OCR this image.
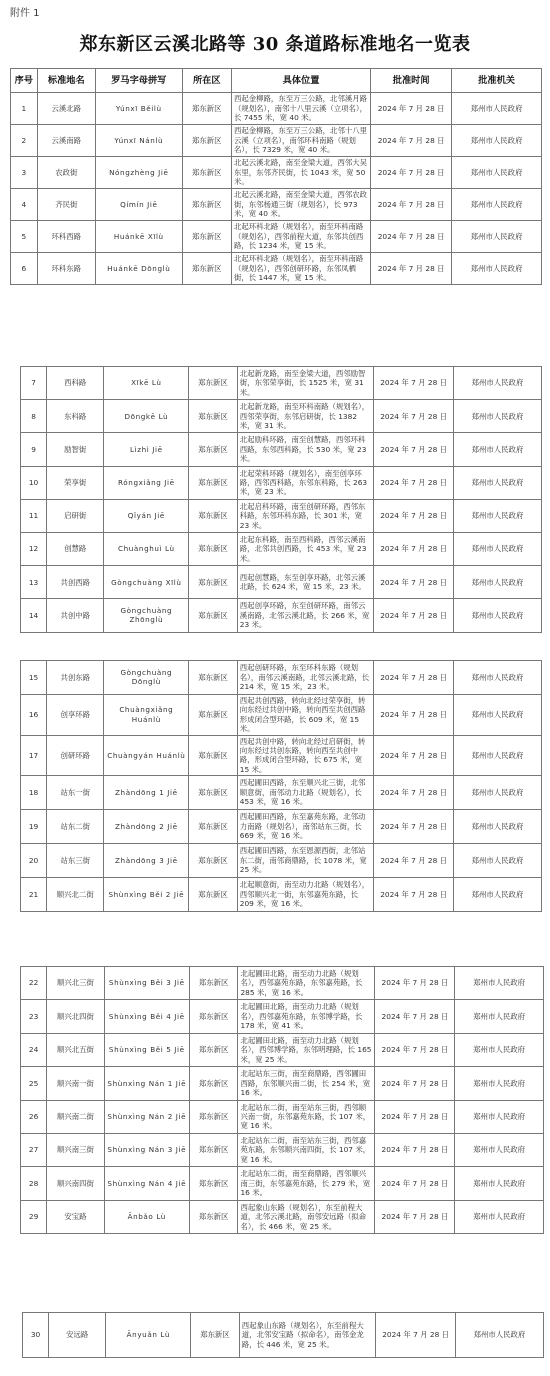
附件 1
郑东新区云溪北路等 30 条道路标准地名一览表
序号	标准地名	罗马字母拼写	所在区	具体位置	批准时间	批准机关
1	云溪北路	Yúnxī Běilù	郑东新区	西起金柳路，东至万三公路，北邻溪月路（规划名），南邻十八里云溪（立项名），长 7455 米，宽 40 米。	2024 年 7 月 28 日	郑州市人民政府
2	云溪南路	Yúnxī Nánlù	郑东新区	西起金柳路，东至万三公路，北邻十八里云溪（立项名），南邻环科南路（规划名），长 7329 米，宽 40 米。	2024 年 7 月 28 日	郑州市人民政府
3	农政街	Nóngzhèng Jiē	郑东新区	北起云溪北路，南至金梁大道，西邻大吴东里，东邻齐民街，长 1043 米，宽 50 米。	2024 年 7 月 28 日	郑州市人民政府
4	齐民街	Qímín Jiē	郑东新区	北起云溪北路，南至金梁大道，西邻农政街，东邻杨通三街（规划名），长 973 米，宽 40 米。	2024 年 7 月 28 日	郑州市人民政府
5	环科西路	Huánkē Xīlù	郑东新区	北起环科北路（规划名），南至环科南路（规划名），西邻前程大道，东邻共创西路，长 1234 米，宽 15 米。	2024 年 7 月 28 日	郑州市人民政府
6	环科东路	Huánkē Dōnglù	郑东新区	北起环科北路（规划名），南至环科南路（规划名），西邻创研环路，东邻凤栖街，长 1447 米，宽 15 米。	2024 年 7 月 28 日	郑州市人民政府
7	西科路	Xīkē Lù	郑东新区	北起新龙路，南至金梁大道，西邻励智街，东邻荣享街，长 1525 米，宽 31 米。	2024 年 7 月 28 日	郑州市人民政府
8	东科路	Dōngkē Lù	郑东新区	北起新龙路，南至环科南路（规划名），西邻荣享街，东邻启研街，长 1382 米，宽 31 米。	2024 年 7 月 28 日	郑州市人民政府
9	励智街	Lìzhì Jiē	郑东新区	北起励科环路，南至创慧路，西邻环科西路，东邻西科路，长 530 米，宽 23 米。	2024 年 7 月 28 日	郑州市人民政府
10	荣享街	Róngxiǎng Jiē	郑东新区	北起荣科环路（规划名），南至创享环路，西邻西科路，东邻东科路，长 263 米，宽 23 米。	2024 年 7 月 28 日	郑州市人民政府
11	启研街	Qǐyán Jiē	郑东新区	北起启科环路，南至创研环路，西邻东科路，东邻环科东路，长 301 米，宽 23 米。	2024 年 7 月 28 日	郑州市人民政府
12	创慧路	Chuànghuì Lù	郑东新区	北起东科路，南至西科路，西邻云溪南路，北邻共创西路，长 453 米，宽 23 米。	2024 年 7 月 28 日	郑州市人民政府
13	共创西路	Gòngchuàng Xīlù	郑东新区	西起创慧路，东至创享环路，北邻云溪北路，长 624 米，宽 15 米，23 米。	2024 年 7 月 28 日	郑州市人民政府
14	共创中路	Gòngchuàng Zhōnglù	郑东新区	西起创享环路，东至创研环路，南邻云溪南路，北邻云溪北路，长 266 米，宽 23 米。	2024 年 7 月 28 日	郑州市人民政府
15	共创东路	Gòngchuàng Dōnglù	郑东新区	西起创研环路，东至环科东路（规划名），南邻云溪南路，北邻云溪北路，长 214 米，宽 15 米，23 米。	2024 年 7 月 28 日	郑州市人民政府
16	创享环路	Chuàngxiǎng Huánlù	郑东新区	西起共创西路，转向北经过荣享街，转向东经过共创中路，转向西至共创西路形成闭合型环路，长 609 米，宽 15 米。	2024 年 7 月 28 日	郑州市人民政府
17	创研环路	Chuàngyán Huánlù	郑东新区	西起共创中路，转向北经过启研街，转向东经过共创东路，转向西至共创中路，形成闭合型环路，长 675 米，宽 15 米。	2024 年 7 月 28 日	郑州市人民政府
18	站东一街	Zhàndōng 1 Jiē	郑东新区	西起圃田西路，东至顺兴北三街，北邻顺意街，南邻动力北路（规划名），长 453 米，宽 16 米。	2024 年 7 月 28 日	郑州市人民政府
19	站东二街	Zhàndōng 2 Jiē	郑东新区	西起圃田西路，东至嘉苑东路，北邻动力南路（规划名），南邻站东三街，长 669 米，宽 16 米。	2024 年 7 月 28 日	郑州市人民政府
20	站东三街	Zhàndōng 3 Jiē	郑东新区	西起圃田西路，东至恩源西街，北邻站东二街，南邻商鼎路，长 1078 米，宽 25 米。	2024 年 7 月 28 日	郑州市人民政府
21	顺兴北二街	Shùnxìng Běi 2 Jiē	郑东新区	北起顺意街，南至动力北路（规划名），西邻顺兴北一街，东邻嘉苑东路，长 209 米，宽 16 米。	2024 年 7 月 28 日	郑州市人民政府
22	顺兴北三街	Shùnxìng Běi 3 Jiē	郑东新区	北起圃田北路，南至动力北路（规划名），西邻嘉苑东路，东邻嘉苑路，长 285 米，宽 16 米。	2024 年 7 月 28 日	郑州市人民政府
23	顺兴北四街	Shùnxìng Běi 4 Jiē	郑东新区	北起圃田北路，南至动力北路（规划名），西邻嘉苑东路，东邻博学路，长 178 米，宽 41 米。	2024 年 7 月 28 日	郑州市人民政府
24	顺兴北五街	Shùnxìng Běi 5 Jiē	郑东新区	北起圃田北路，南至动力北路（规划名），西邻博学路，东邻明理路，长 165 米，宽 25 米。	2024 年 7 月 28 日	郑州市人民政府
25	顺兴南一街	Shùnxìng Nán 1 Jiē	郑东新区	北起站东三街，南至商鼎路，西邻圃田西路，东邻顺兴南二街，长 254 米，宽 16 米。	2024 年 7 月 28 日	郑州市人民政府
26	顺兴南二街	Shùnxìng Nán 2 Jiē	郑东新区	北起站东二街，南至站东三街，西邻顺兴南一街，东邻嘉苑东路，长 107 米，宽 16 米。	2024 年 7 月 28 日	郑州市人民政府
27	顺兴南三街	Shùnxìng Nán 3 Jiē	郑东新区	北起站东二街，南至站东三街，西邻嘉苑东路，东邻顺兴南四街，长 107 米，宽 16 米。	2024 年 7 月 28 日	郑州市人民政府
28	顺兴南四街	Shùnxìng Nán 4 Jiē	郑东新区	北起站东二街，南至商鼎路，西邻顺兴南三街，东邻嘉苑东路，长 279 米，宽 16 米。	2024 年 7 月 28 日	郑州市人民政府
29	安宝路	Ānbǎo Lù	郑东新区	西起象山东路（规划名），东至前程大道，北邻云溪北路，南邻安远路（拟命名），长 466 米，宽 25 米。	2024 年 7 月 28 日	郑州市人民政府
30	安远路	Ānyuǎn Lù	郑东新区	西起象山东路（规划名），东至前程大道，北邻安宝路（拟命名），南邻金龙路，长 446 米，宽 25 米。	2024 年 7 月 28 日	郑州市人民政府
